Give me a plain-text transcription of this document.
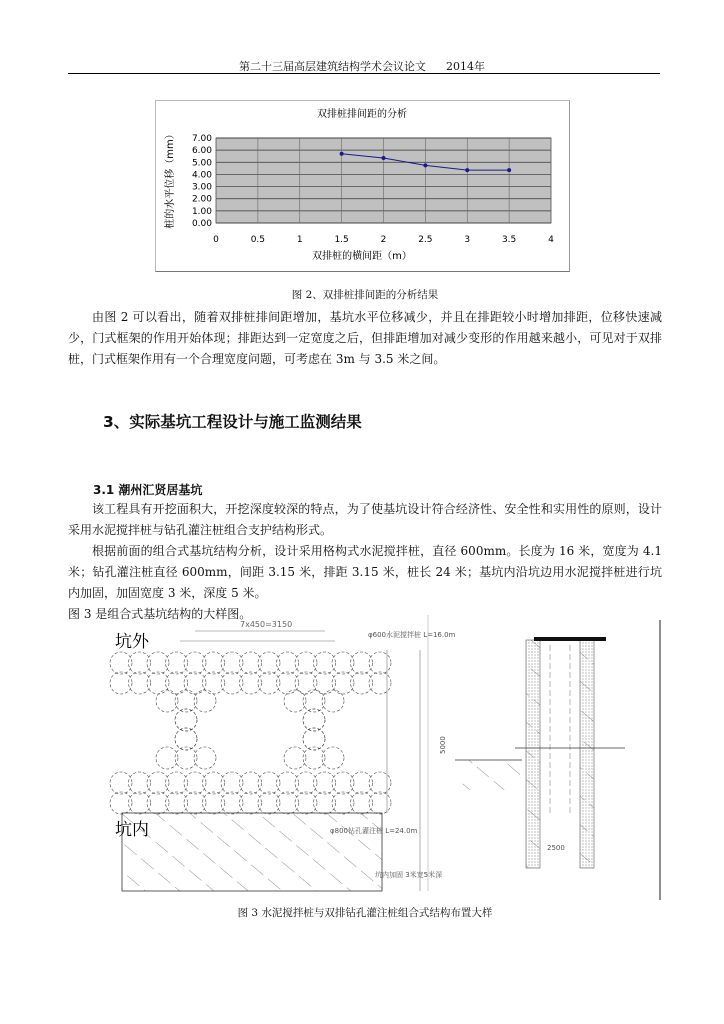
第二十三届高层建筑结构学术会议论文 2014年
双排桩排间距的分析
桩的水平位移（mm）
双排桩的横间距（m）
0.00
1.00
2.00
3.00
4.00
5.00
6.00
7.00
0	0.5	1	1.5	2	2.5	3	3.5	4
图 2、双排桩排间距的分析结果
由图 2 可以看出，随着双排桩排间距增加，基坑水平位移减少，并且在排距较小时增加排距，位移快速减少，门式框架的作用开始体现；排距达到一定宽度之后，但排距增加对减少变形的作用越来越小，可见对于双排桩，门式框架作用有一个合理宽度问题，可考虑在 3m 与 3.5 米之间。
3、实际基坑工程设计与施工监测结果
3.1 潮州汇贤居基坑
该工程具有开挖面积大，开挖深度较深的特点，为了使基坑设计符合经济性、安全性和实用性的原则，设计采用水泥搅拌桩与钻孔灌注桩组合支护结构形式。
根据前面的组合式基坑结构分析，设计采用格构式水泥搅拌桩，直径 600mm。长度为 16 米，宽度为 4.1 米；钻孔灌注桩直径 600mm，间距 3.15 米，排距 3.15 米，桩长 24 米；基坑内沿坑边用水泥搅拌桩进行坑内加固，加固宽度 3 米，深度 5 米。
图 3 是组合式基坑结构的大样图。
坑外
坑内
7x450=3150
φ600水泥搅拌桩 L=16.0m
φ800钻孔灌注桩 L=24.0m
坑内加固 3米宽5米深
5000
2500
图 3 水泥搅拌桩与双排钻孔灌注桩组合式结构布置大样
